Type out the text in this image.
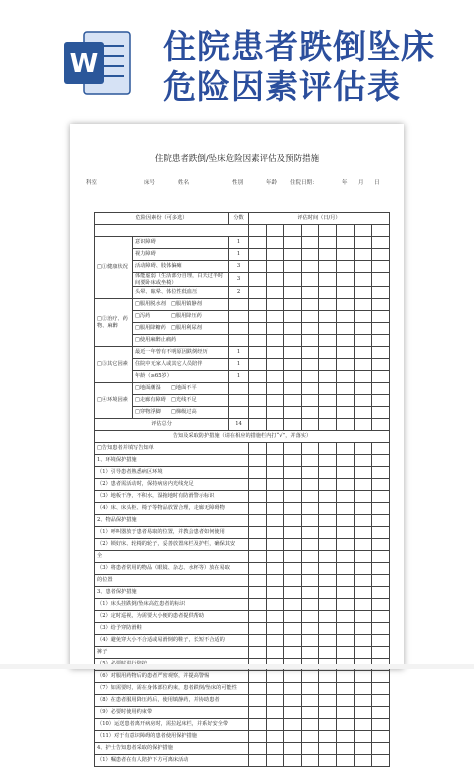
W 住院患者跌倒坠床
危险因素评估表
住院患者跌倒/坠床危险因素评估及预防措施
科室	床号	姓名	性别	年龄 住院日期：	年 月 日
危险因素份（可多选）		分数	评估时间（日/月）							

□①健康状况	意识障碍	1								
	视力障碍	1								
	活动障碍、肢体偏瘫	3								
	体能虚弱（生活部分自理，白天过半时间要卧床或坐椅）	3								
	头晕、眩晕、体位性低血压	2								
□②治疗、药物、麻醉	□服用脱水剂　□服用镇静剂									
	□泻药　　　　□服用降压药									
	□服用降糖药　□服用利尿剂									
	□使用麻醉止痛药									
□③其它因素	最近一年曾有不明原因跌倒经历	1								
	住院中无家人或其它人员陪伴	1								
	年龄（≥65岁）	1								
□④环境因素	□地面潮湿　　□地面不平									
	□走廊有障碍　□光线不足									
	□穿物浮脚　　□梯级过高									
评估总分		14								
告知及采取防护措施（请在相应的措施栏内打“√”，并落实）										
□告知患者并填写告知单										
1、环境保护措施										
（1）引导患者熟悉病区环境										
（2）患者需活动时，保持病房内光线充足										
（3）地板干净，不积水，湿拖地时有防滑警示标识										
（4）床、床头柜、椅子等物品放置合理，走廊无障碍物										
2、物品保护措施										
（1）呼叫器放于患者易取的位置，并教会患者如何使用										
（2）锁好床、轮椅的轮子，妥善放置床栏及护栏，确保其安										
全										
（3）将患者常用的物品（眼镜、杂志、水杯等）放在易取										
的位置										
3、患者保护措施										
（1）床头挂跌倒/坠床高危患者的标识										
（2）定时巡视，为需要大小便的患者提供帮助										
（3）给予穿防滑鞋										
（4）避免穿大小不合适或易滑倒的鞋子，长短不合适的										
裤子										

（6）对服用药物后的患者严密观察，并提高警惕										
（7）如需要时，需在身体部位约束，患者跌倒/坠床的可能性										
（8）在患者服用降压药后，使用镇静药，并协助患者										
（9）必要时使用约束带										
（10）运送患者离开病房时，需拉起床栏，并系好安全带										
（11）对于有意识障碍的患者使用保护措施										
4、护士告知患者采取的保护措施										
（1）嘱患者在有人陪护下方可离床活动										
